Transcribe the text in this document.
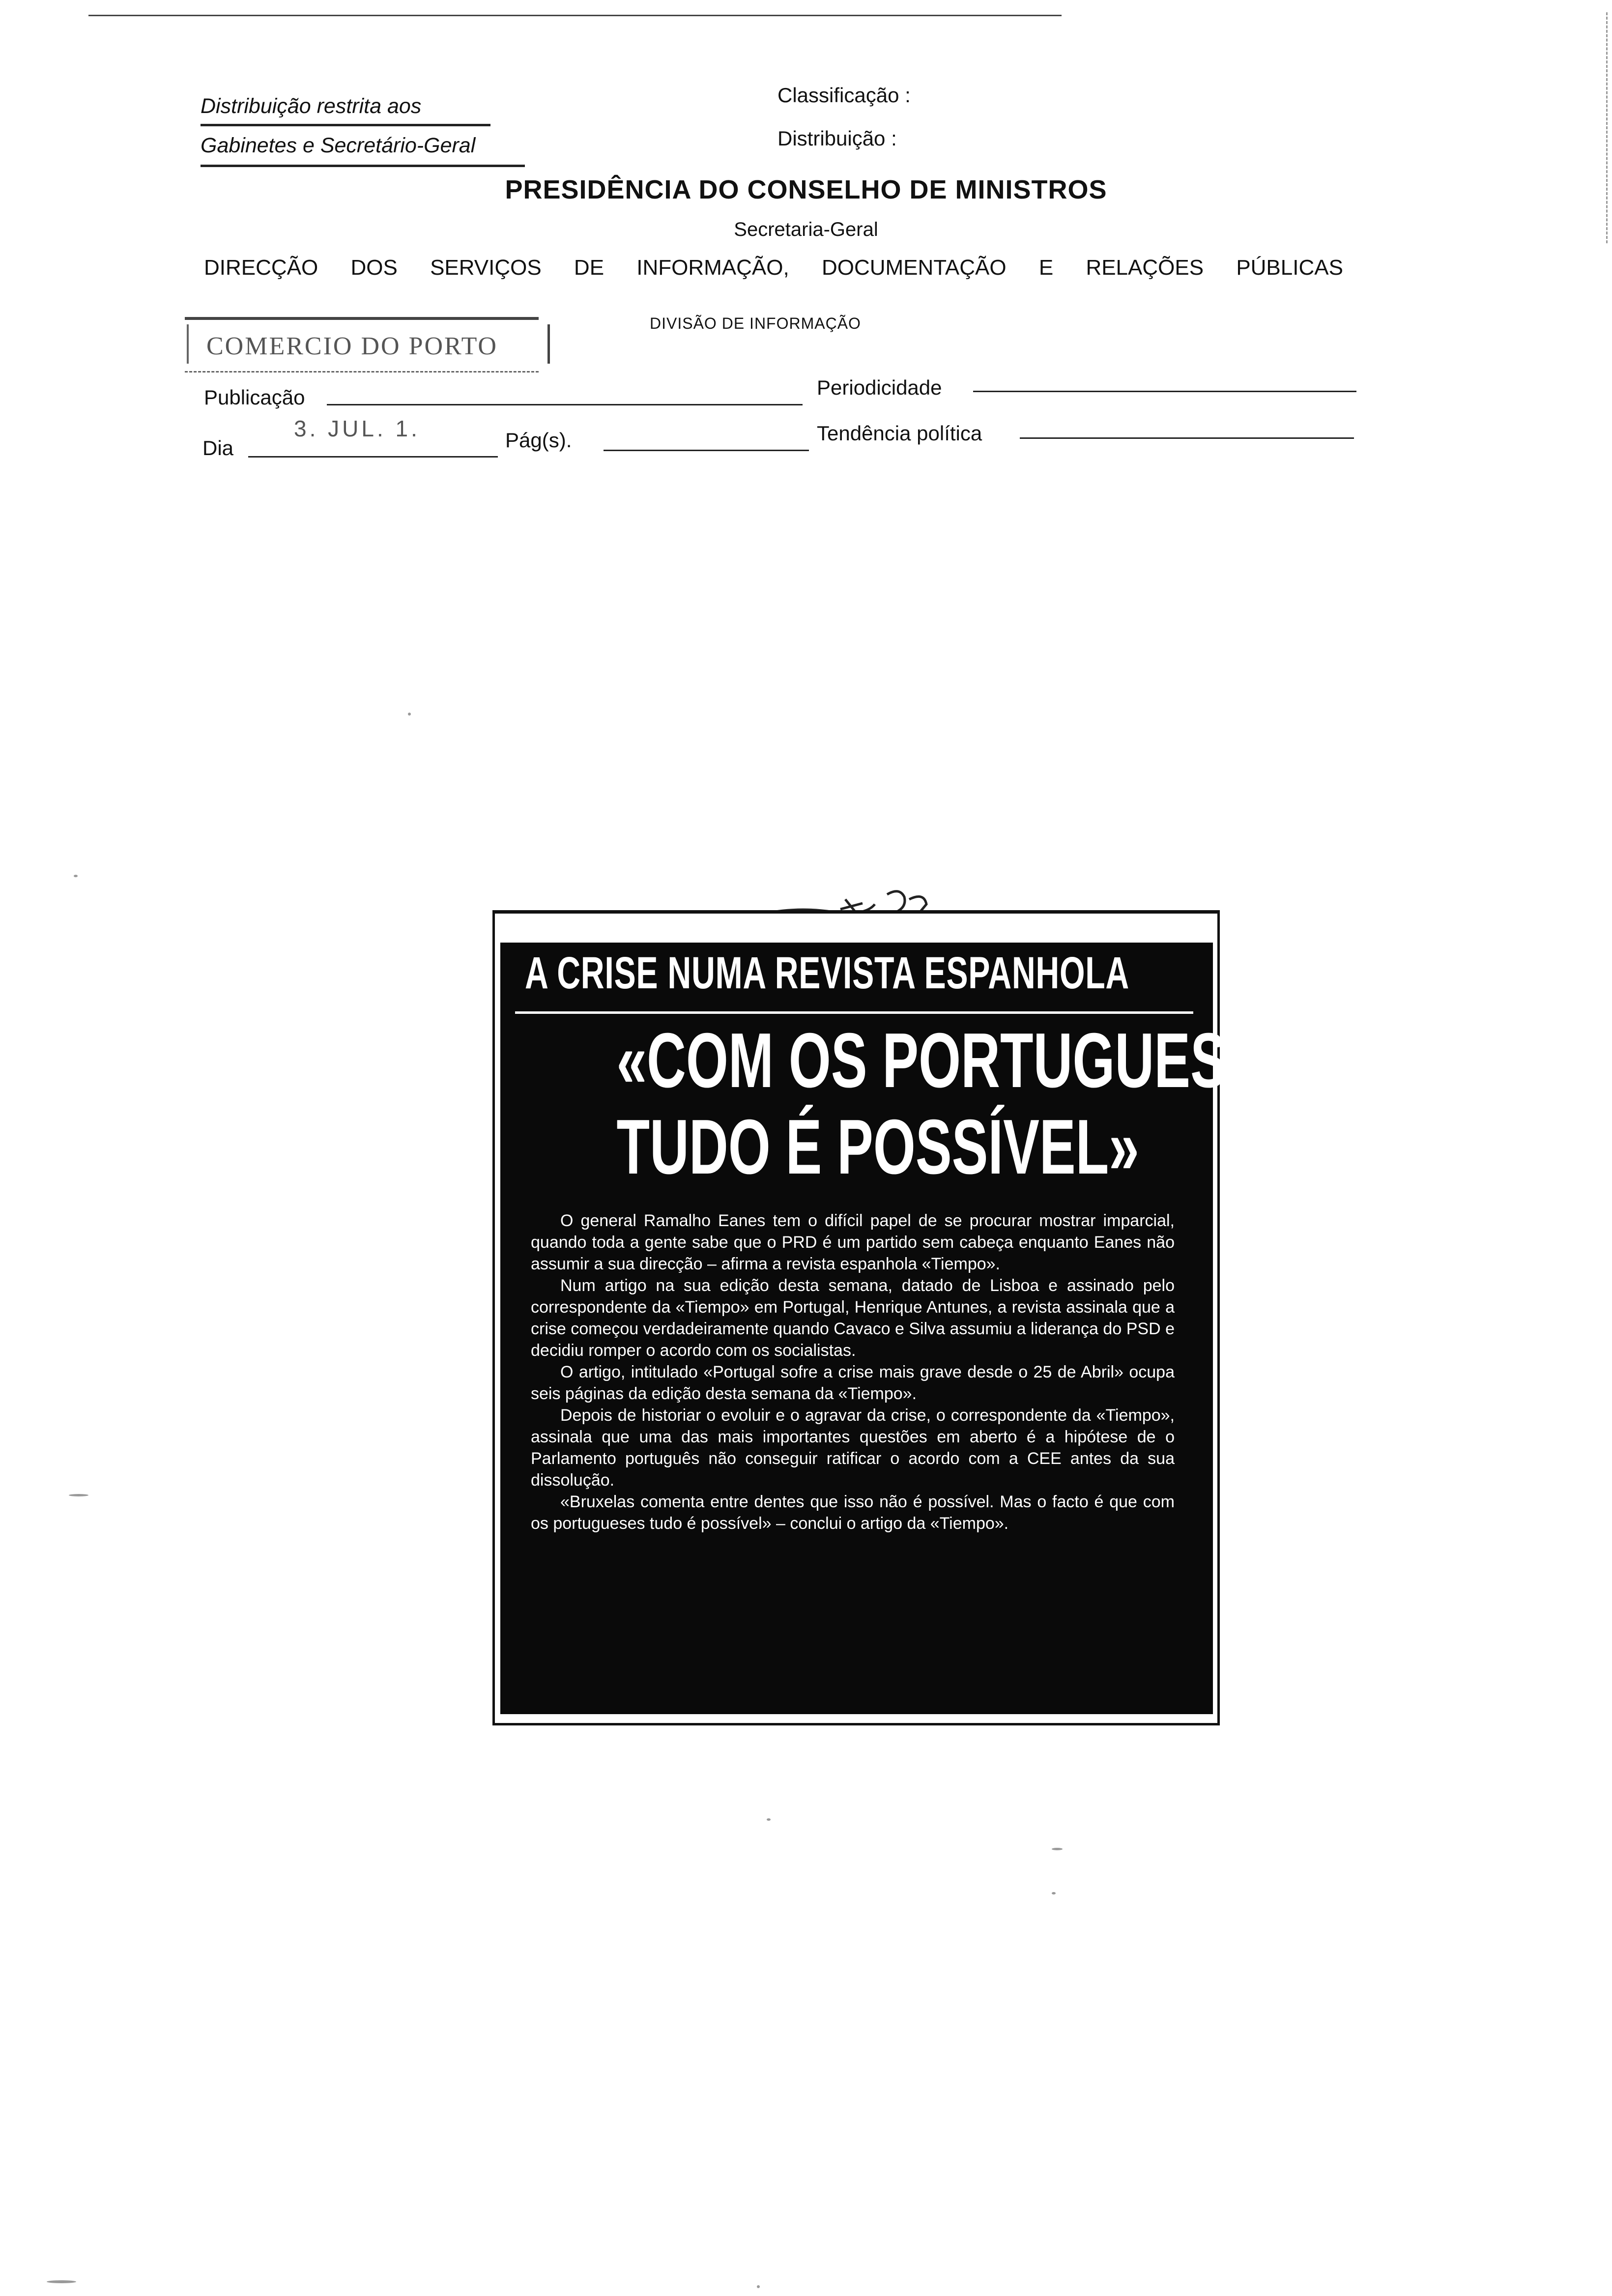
Distribuição restrita aos
Gabinetes e Secretário-Geral
Classificação :
Distribuição :
PRESIDÊNCIA DO CONSELHO DE MINISTROS
Secretaria-Geral
DIRECÇÃO DOS SERVIÇOS DE INFORMAÇÃO, DOCUMENTAÇÃO E RELAÇÕES PÚBLICAS
COMERCIO DO PORTO
DIVISÃO DE INFORMAÇÃO
Publicação	Periodicidade
Dia
3. JUL. 1.	Pág(s).	Tendência política
A CRISE NUMA REVISTA ESPANHOLA
«COM OS PORTUGUESES
TUDO É POSSÍVEL»

O general Ramalho Eanes tem o difícil papel de se procurar mostrar imparcial, quando toda a gente sabe que o PRD é um partido sem cabeça enquanto Eanes não assumir a sua direcção – afirma a revista espanhola «Tiempo».

Num artigo na sua edição desta semana, datado de Lisboa e assinado pelo correspondente da «Tiempo» em Portugal, Henrique Antunes, a revista assinala que a crise começou verdadeiramente quando Cavaco e Silva assumiu a liderança do PSD e decidiu romper o acordo com os socialistas.

O artigo, intitulado «Portugal sofre a crise mais grave desde o 25 de Abril» ocupa seis páginas da edição desta semana da «Tiempo».

Depois de historiar o evoluir e o agravar da crise, o correspondente da «Tiempo», assinala que uma das mais importantes questões em aberto é a hipótese de o Parlamento português não conseguir ratificar o acordo com a CEE antes da sua dissolução.

«Bruxelas comenta entre dentes que isso não é possível. Mas o facto é que com os portugueses tudo é possível» – conclui o artigo da «Tiempo».
